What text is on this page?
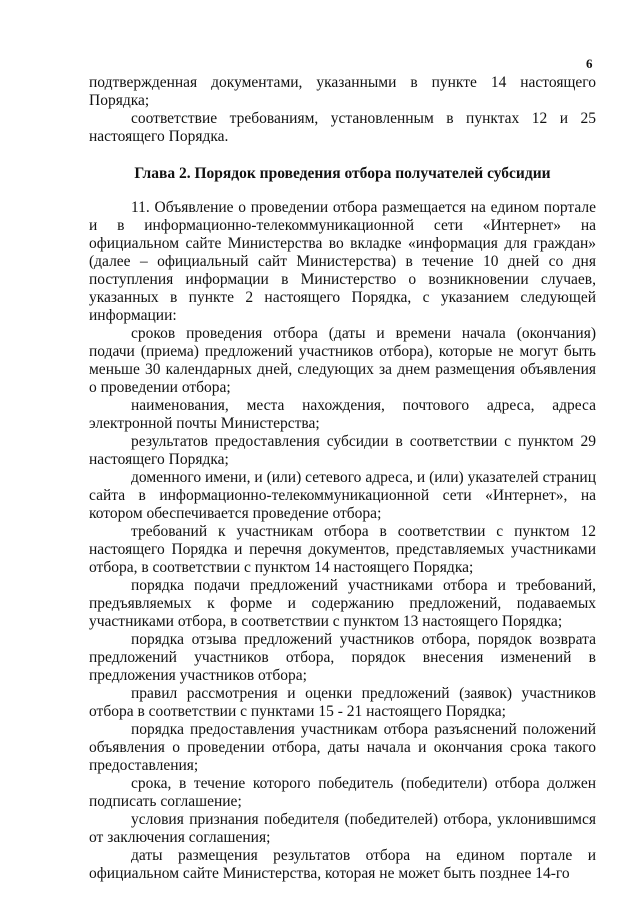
6

подтвержденная документами, указанными в пункте 14 настоящего Порядка;

соответствие требованиям, установленным в пунктах 12 и 25 настоящего Порядка.

Глава 2. Порядок проведения отбора получателей субсидии

11. Объявление о проведении отбора размещается на едином портале и в информационно-телекоммуникационной сети «Интернет» на официальном сайте Министерства во вкладке «информация для граждан» (далее – официальный сайт Министерства) в течение 10 дней со дня поступления информации в Министерство о возникновении случаев, указанных в пункте 2 настоящего Порядка, с указанием следующей информации:

сроков проведения отбора (даты и времени начала (окончания) подачи (приема) предложений участников отбора), которые не могут быть меньше 30 календарных дней, следующих за днем размещения объявления о проведении отбора;

наименования, места нахождения, почтового адреса, адреса электронной почты Министерства;

результатов предоставления субсидии в соответствии с пунктом 29 настоящего Порядка;

доменного имени, и (или) сетевого адреса, и (или) указателей страниц сайта в информационно-телекоммуникационной сети «Интернет», на котором обеспечивается проведение отбора;

требований к участникам отбора в соответствии с пунктом 12 настоящего Порядка и перечня документов, представляемых участниками отбора, в соответствии с пунктом 14 настоящего Порядка;

порядка подачи предложений участниками отбора и требований, предъявляемых к форме и содержанию предложений, подаваемых участниками отбора, в соответствии с пунктом 13 настоящего Порядка;

порядка отзыва предложений участников отбора, порядок возврата предложений участников отбора, порядок внесения изменений в предложения участников отбора;

правил рассмотрения и оценки предложений (заявок) участников отбора в соответствии с пунктами 15 - 21 настоящего Порядка;

порядка предоставления участникам отбора разъяснений положений объявления о проведении отбора, даты начала и окончания срока такого предоставления;

срока, в течение которого победитель (победители) отбора должен подписать соглашение;

условия признания победителя (победителей) отбора, уклонившимся от заключения соглашения;

даты размещения результатов отбора на едином портале и официальном сайте Министерства, которая не может быть позднее 14-го
